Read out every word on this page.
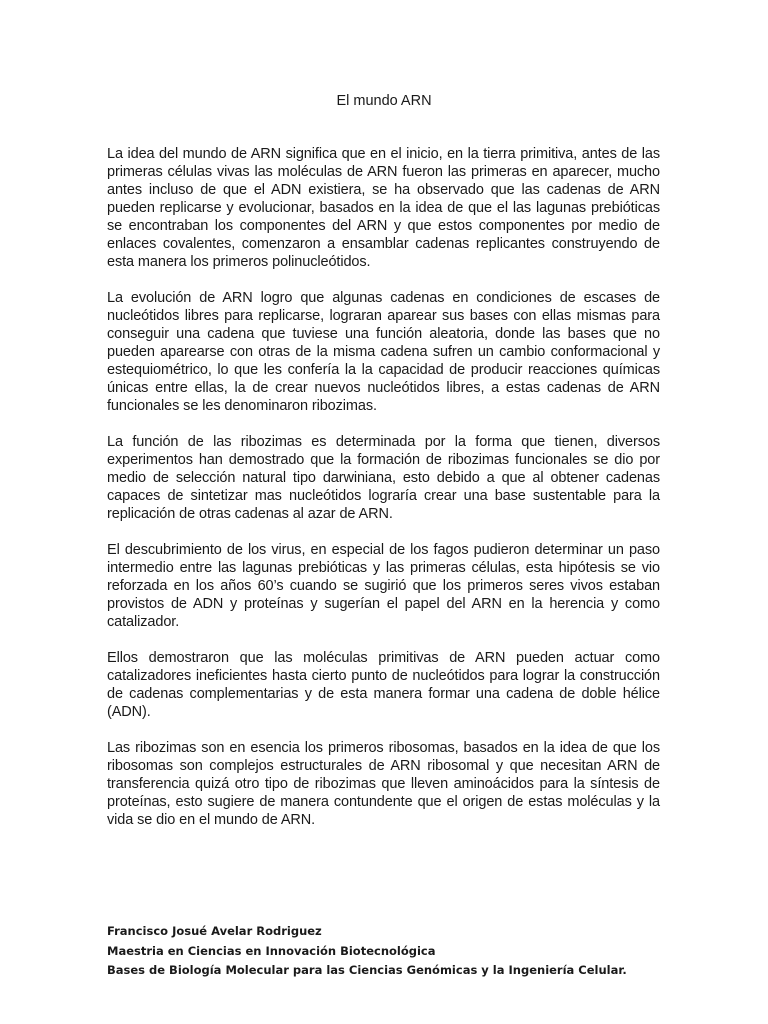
El mundo ARN

La idea del mundo de ARN significa que en el inicio, en la tierra primitiva, antes de las primeras células vivas las moléculas de ARN fueron las primeras en aparecer, mucho antes incluso de que el ADN existiera, se ha observado que las cadenas de ARN pueden replicarse y evolucionar, basados en la idea de que el las lagunas prebióticas se encontraban los componentes del ARN y que estos componentes por medio de enlaces covalentes, comenzaron a ensamblar cadenas replicantes construyendo de esta manera los primeros polinucleótidos.

La evolución de ARN logro que algunas cadenas en condiciones de escases de nucleótidos libres para replicarse, lograran aparear sus bases con ellas mismas para conseguir una cadena que tuviese una función aleatoria, donde las bases que no pueden aparearse con otras de la misma cadena sufren un cambio conformacional y estequiométrico, lo que les confería la la capacidad de producir reacciones químicas únicas entre ellas, la de crear nuevos nucleótidos libres, a estas cadenas de ARN funcionales se les denominaron ribozimas.

La función de las ribozimas es determinada por la forma que tienen, diversos experimentos han demostrado que la formación de ribozimas funcionales se dio por medio de selección natural tipo darwiniana, esto debido a que al obtener cadenas capaces de sintetizar mas nucleótidos lograría crear una base sustentable para la replicación de otras cadenas al azar de ARN.

El descubrimiento de los virus, en especial de los fagos pudieron determinar un paso intermedio entre las lagunas prebióticas y las primeras células, esta hipótesis se vio reforzada en los años 60’s cuando se sugirió que los primeros seres vivos estaban provistos de ADN y proteínas y sugerían el papel del ARN en la herencia y como catalizador.

Ellos demostraron que las moléculas primitivas de ARN pueden actuar como catalizadores ineficientes hasta cierto punto de nucleótidos para lograr la construcción de cadenas complementarias y de esta manera formar una cadena de doble hélice (ADN).

Las ribozimas son en esencia los primeros ribosomas, basados en la idea de que los ribosomas son complejos estructurales de ARN ribosomal y que necesitan ARN de transferencia quizá otro tipo de ribozimas que lleven aminoácidos para la síntesis de proteínas, esto sugiere de manera contundente que el origen de estas moléculas y la vida se dio en el mundo de ARN.

Francisco Josué Avelar Rodriguez
Maestria en Ciencias en Innovación Biotecnológica
Bases de Biología Molecular para las Ciencias Genómicas y la Ingeniería Celular.
